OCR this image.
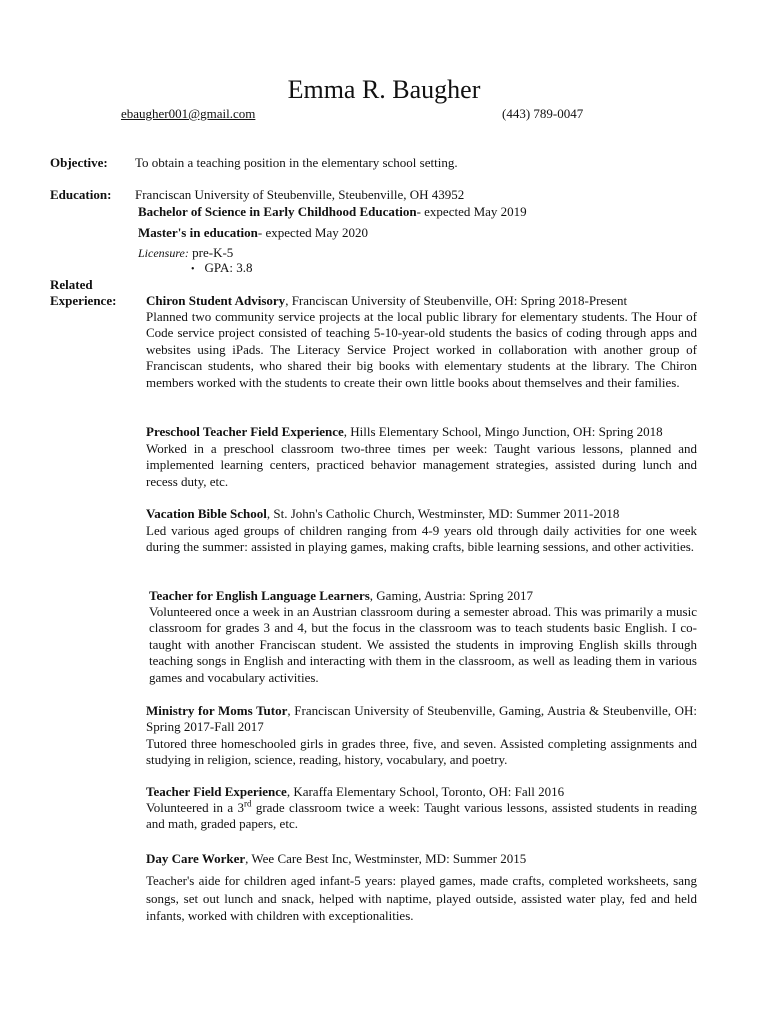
Emma R. Baugher
ebaugher001@gmail.com	(443) 789-0047
Objective: To obtain a teaching position in the elementary school setting.
Education: Franciscan University of Steubenville, Steubenville, OH 43952
Bachelor of Science in Early Childhood Education- expected May 2019
Master's in education- expected May 2020
Licensure: pre-K-5
• GPA: 3.8
Related
Experience: Chiron Student Advisory, Franciscan University of Steubenville, OH: Spring 2018-Present
Planned two community service projects at the local public library for elementary students. The Hour of Code service project consisted of teaching 5-10-year-old students the basics of coding through apps and websites using iPads. The Literacy Service Project worked in collaboration with another group of Franciscan students, who shared their big books with elementary students at the library. The Chiron members worked with the students to create their own little books about themselves and their families.
Preschool Teacher Field Experience, Hills Elementary School, Mingo Junction, OH: Spring 2018
Worked in a preschool classroom two-three times per week: Taught various lessons, planned and implemented learning centers, practiced behavior management strategies, assisted during lunch and recess duty, etc.
Vacation Bible School, St. John's Catholic Church, Westminster, MD: Summer 2011-2018
Led various aged groups of children ranging from 4-9 years old through daily activities for one week during the summer: assisted in playing games, making crafts, bible learning sessions, and other activities.
Teacher for English Language Learners, Gaming, Austria: Spring 2017
Volunteered once a week in an Austrian classroom during a semester abroad. This was primarily a music classroom for grades 3 and 4, but the focus in the classroom was to teach students basic English. I co-taught with another Franciscan student. We assisted the students in improving English skills through teaching songs in English and interacting with them in the classroom, as well as leading them in various games and vocabulary activities.
Ministry for Moms Tutor, Franciscan University of Steubenville, Gaming, Austria & Steubenville, OH: Spring 2017-Fall 2017
Tutored three homeschooled girls in grades three, five, and seven. Assisted completing assignments and studying in religion, science, reading, history, vocabulary, and poetry.
Teacher Field Experience, Karaffa Elementary School, Toronto, OH: Fall 2016
Volunteered in a 3rd grade classroom twice a week: Taught various lessons, assisted students in reading and math, graded papers, etc.
Day Care Worker, Wee Care Best Inc, Westminster, MD: Summer 2015
Teacher's aide for children aged infant-5 years: played games, made crafts, completed worksheets, sang songs, set out lunch and snack, helped with naptime, played outside, assisted water play, fed and held infants, worked with children with exceptionalities.
